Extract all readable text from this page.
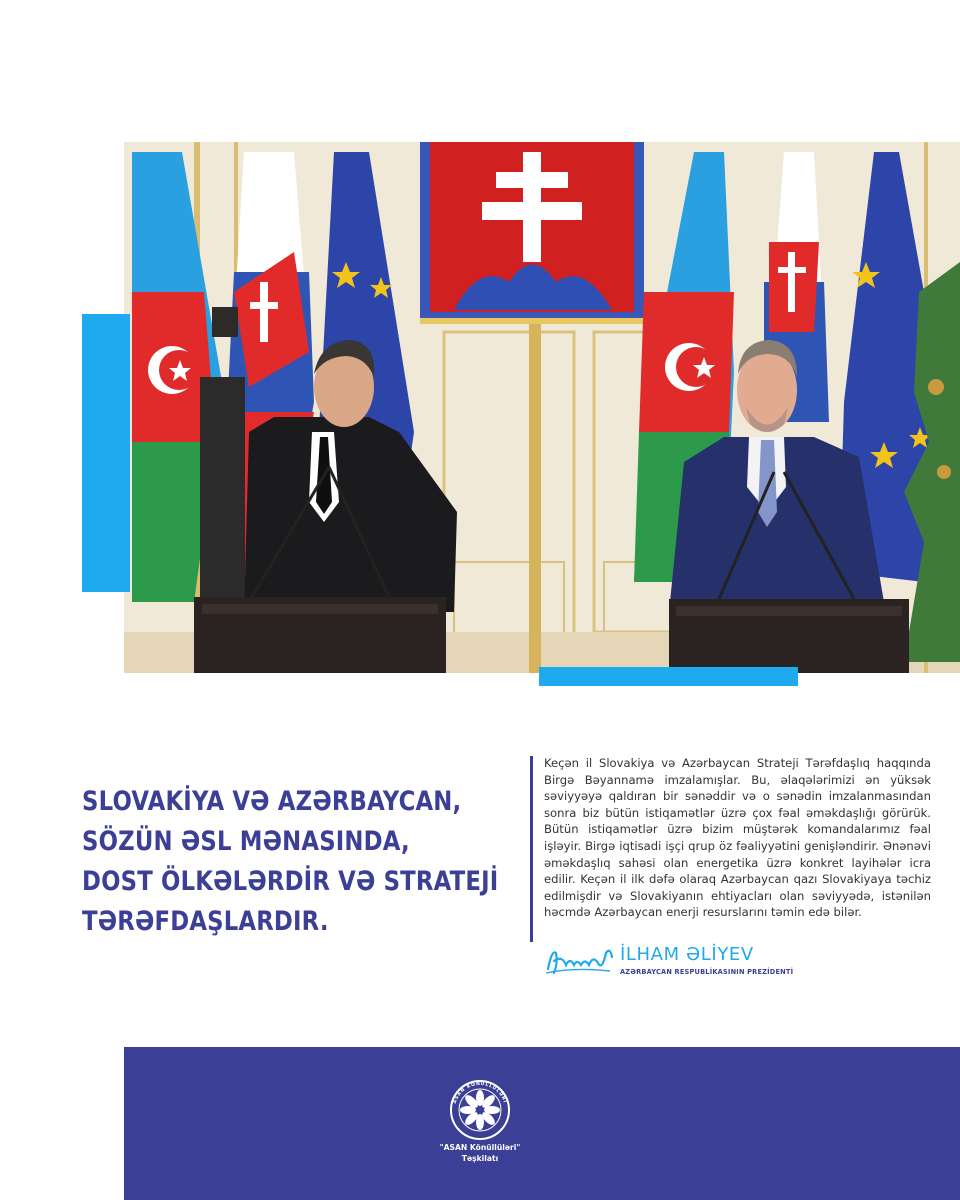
SLOVAKİYA VƏ AZƏRBAYCAN,
SÖZÜN ƏSL MƏNASINDA,
DOST ÖLKƏLƏRDİR VƏ STRATEJİ
TƏRƏFDAŞLARDIR.

Keçən il Slovakiya və Azərbaycan Strateji Tərəfdaşlıq haqqında Birgə Bəyannamə imzalamışlar. Bu, əlaqələrimizi ən yüksək səviyyəyə qaldıran bir sənəddir və o sənədin imzalanmasından sonra biz bütün istiqamətlər üzrə çox fəal əməkdaşlığı görürük. Bütün istiqamətlər üzrə bizim müştərək komandalarımız fəal işləyir. Birgə iqtisadi işçi qrup öz fəaliyyətini genişləndirir. Ənənəvi əməkdaşlıq sahəsi olan energetika üzrə konkret layihələr icra edilir. Keçən il ilk dəfə olaraq Azərbaycan qazı Slovakiyaya təchiz edilmişdir və Slovakiyanın ehtiyacları olan səviyyədə, istənilən həcmdə Azərbaycan enerji resurslarını təmin edə bilər.

İLHAM ƏLİYEV
AZƏRBAYCAN RESPUBLİKASININ PREZİDENTİ
ASAN KÖNÜLLÜLƏRİ
"ASAN Könüllüləri"
Təşkilatı
